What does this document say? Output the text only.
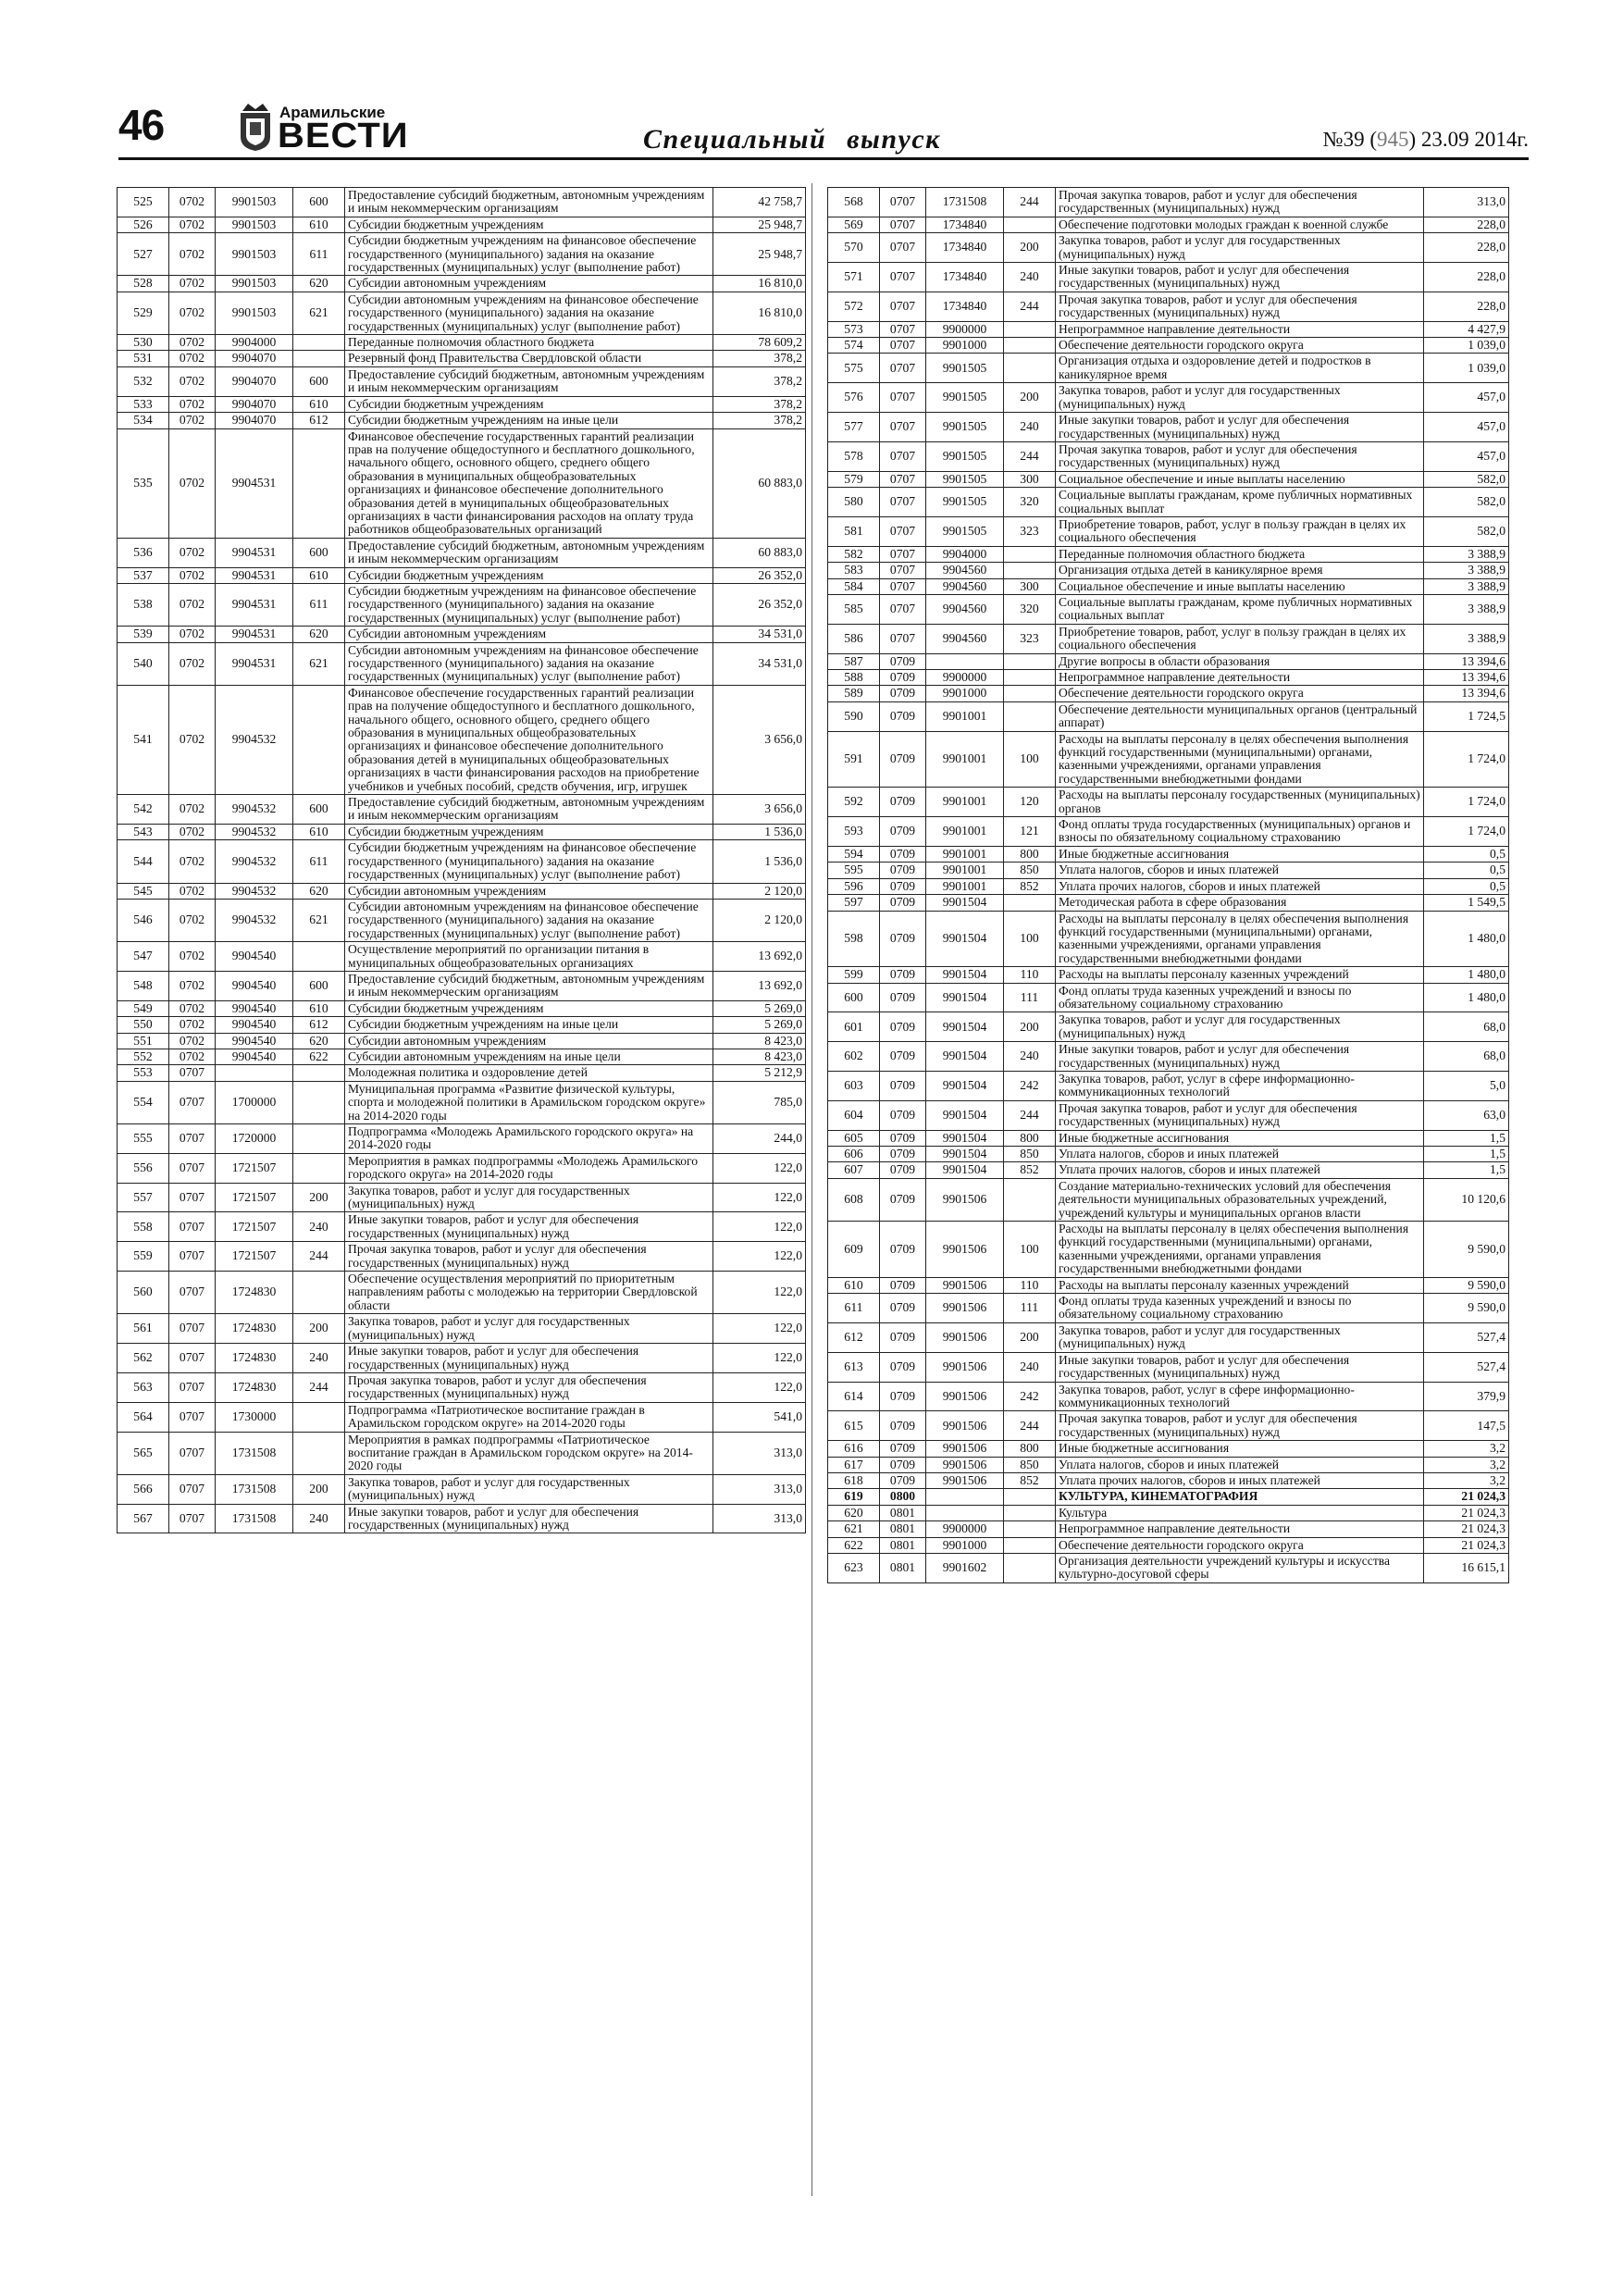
46	Арамильские
ВЕСТИ	Специальный выпуск	№39 (945) 23.09 2014г.
525	0702	9901503	600	Предоставление субсидий бюджетным, автономным учреждениям и иным некоммерческим организациям	42 758,7
526	0702	9901503	610	Субсидии бюджетным учреждениям	25 948,7
527	0702	9901503	611	Субсидии бюджетным учреждениям на финансовое обеспечение государственного (муниципального) задания на оказание государственных (муниципальных) услуг (выполнение работ)	25 948,7
528	0702	9901503	620	Субсидии автономным учреждениям	16 810,0
529	0702	9901503	621	Субсидии автономным учреждениям на финансовое обеспечение государственного (муниципального) задания на оказание государственных (муниципальных) услуг (выполнение работ)	16 810,0
530	0702	9904000		Переданные полномочия областного бюджета	78 609,2
531	0702	9904070		Резервный фонд Правительства Свердловской области	378,2
532	0702	9904070	600	Предоставление субсидий бюджетным, автономным учреждениям и иным некоммерческим организациям	378,2
533	0702	9904070	610	Субсидии бюджетным учреждениям	378,2
534	0702	9904070	612	Субсидии бюджетным учреждениям на иные цели	378,2
535	0702	9904531		Финансовое обеспечение государственных гарантий реализации прав на получение общедоступного и бесплатного дошкольного, начального общего, основного общего, среднего общего образования в муниципальных общеобразовательных организациях и финансовое обеспечение дополнительного образования детей в муниципальных общеобразовательных организациях в части финансирования расходов на оплату труда работников общеобразовательных организаций	60 883,0
536	0702	9904531	600	Предоставление субсидий бюджетным, автономным учреждениям и иным некоммерческим организациям	60 883,0
537	0702	9904531	610	Субсидии бюджетным учреждениям	26 352,0
538	0702	9904531	611	Субсидии бюджетным учреждениям на финансовое обеспечение государственного (муниципального) задания на оказание государственных (муниципальных) услуг (выполнение работ)	26 352,0
539	0702	9904531	620	Субсидии автономным учреждениям	34 531,0
540	0702	9904531	621	Субсидии автономным учреждениям на финансовое обеспечение государственного (муниципального) задания на оказание государственных (муниципальных) услуг (выполнение работ)	34 531,0
541	0702	9904532		Финансовое обеспечение государственных гарантий реализации прав на получение общедоступного и бесплатного дошкольного, начального общего, основного общего, среднего общего образования в муниципальных общеобразовательных организациях и финансовое обеспечение дополнительного образования детей в муниципальных общеобразовательных организациях в части финансирования расходов на приобретение учебников и учебных пособий, средств обучения, игр, игрушек	3 656,0
542	0702	9904532	600	Предоставление субсидий бюджетным, автономным учреждениям и иным некоммерческим организациям	3 656,0
543	0702	9904532	610	Субсидии бюджетным учреждениям	1 536,0
544	0702	9904532	611	Субсидии бюджетным учреждениям на финансовое обеспечение государственного (муниципального) задания на оказание государственных (муниципальных) услуг (выполнение работ)	1 536,0
545	0702	9904532	620	Субсидии автономным учреждениям	2 120,0
546	0702	9904532	621	Субсидии автономным учреждениям на финансовое обеспечение государственного (муниципального) задания на оказание государственных (муниципальных) услуг (выполнение работ)	2 120,0
547	0702	9904540		Осуществление мероприятий по организации питания в муниципальных общеобразовательных организациях	13 692,0
548	0702	9904540	600	Предоставление субсидий бюджетным, автономным учреждениям и иным некоммерческим организациям	13 692,0
549	0702	9904540	610	Субсидии бюджетным учреждениям	5 269,0
550	0702	9904540	612	Субсидии бюджетным учреждениям на иные цели	5 269,0
551	0702	9904540	620	Субсидии автономным учреждениям	8 423,0
552	0702	9904540	622	Субсидии автономным учреждениям на иные цели	8 423,0
553	0707			Молодежная политика и оздоровление детей	5 212,9
554	0707	1700000		Муниципальная программа «Развитие физической культуры, спорта и молодежной политики в Арамильском городском округе» на 2014-2020 годы	785,0
555	0707	1720000		Подпрограмма «Молодежь Арамильского городского округа» на 2014-2020 годы	244,0
556	0707	1721507		Мероприятия в рамках подпрограммы «Молодежь Арамильского городского округа» на 2014-2020 годы	122,0
557	0707	1721507	200	Закупка товаров, работ и услуг для государственных (муниципальных) нужд	122,0
558	0707	1721507	240	Иные закупки товаров, работ и услуг для обеспечения государственных (муниципальных) нужд	122,0
559	0707	1721507	244	Прочая закупка товаров, работ и услуг для обеспечения государственных (муниципальных) нужд	122,0
560	0707	1724830		Обеспечение осуществления мероприятий по приоритетным направлениям работы с молодежью на территории Свердловской области	122,0
561	0707	1724830	200	Закупка товаров, работ и услуг для государственных (муниципальных) нужд	122,0
562	0707	1724830	240	Иные закупки товаров, работ и услуг для обеспечения государственных (муниципальных) нужд	122,0
563	0707	1724830	244	Прочая закупка товаров, работ и услуг для обеспечения государственных (муниципальных) нужд	122,0
564	0707	1730000		Подпрограмма «Патриотическое воспитание граждан в Арамильском городском округе» на 2014-2020 годы	541,0
565	0707	1731508		Мероприятия в рамках подпрограммы «Патриотическое воспитание граждан в Арамильском городском округе» на 2014-2020 годы	313,0
566	0707	1731508	200	Закупка товаров, работ и услуг для государственных (муниципальных) нужд	313,0
567	0707	1731508	240	Иные закупки товаров, работ и услуг для обеспечения государственных (муниципальных) нужд	313,0
568	0707	1731508	244	Прочая закупка товаров, работ и услуг для обеспечения государственных (муниципальных) нужд	313,0
569	0707	1734840		Обеспечение подготовки молодых граждан к военной службе	228,0
570	0707	1734840	200	Закупка товаров, работ и услуг для государственных (муниципальных) нужд	228,0
571	0707	1734840	240	Иные закупки товаров, работ и услуг для обеспечения государственных (муниципальных) нужд	228,0
572	0707	1734840	244	Прочая закупка товаров, работ и услуг для обеспечения государственных (муниципальных) нужд	228,0
573	0707	9900000		Непрограммное направление деятельности	4 427,9
574	0707	9901000		Обеспечение деятельности городского округа	1 039,0
575	0707	9901505		Организация отдыха и оздоровление детей и подростков в каникулярное время	1 039,0
576	0707	9901505	200	Закупка товаров, работ и услуг для государственных (муниципальных) нужд	457,0
577	0707	9901505	240	Иные закупки товаров, работ и услуг для обеспечения государственных (муниципальных) нужд	457,0
578	0707	9901505	244	Прочая закупка товаров, работ и услуг для обеспечения государственных (муниципальных) нужд	457,0
579	0707	9901505	300	Социальное обеспечение и иные выплаты населению	582,0
580	0707	9901505	320	Социальные выплаты гражданам, кроме публичных нормативных социальных выплат	582,0
581	0707	9901505	323	Приобретение товаров, работ, услуг в пользу граждан в целях их социального обеспечения	582,0
582	0707	9904000		Переданные полномочия областного бюджета	3 388,9
583	0707	9904560		Организация отдыха детей в каникулярное время	3 388,9
584	0707	9904560	300	Социальное обеспечение и иные выплаты населению	3 388,9
585	0707	9904560	320	Социальные выплаты гражданам, кроме публичных нормативных социальных выплат	3 388,9
586	0707	9904560	323	Приобретение товаров, работ, услуг в пользу граждан в целях их социального обеспечения	3 388,9
587	0709			Другие вопросы в области образования	13 394,6
588	0709	9900000		Непрограммное направление деятельности	13 394,6
589	0709	9901000		Обеспечение деятельности городского округа	13 394,6
590	0709	9901001		Обеспечение деятельности муниципальных органов (центральный аппарат)	1 724,5
591	0709	9901001	100	Расходы на выплаты персоналу в целях обеспечения выполнения функций государственными (муниципальными) органами, казенными учреждениями, органами управления государственными внебюджетными фондами	1 724,0
592	0709	9901001	120	Расходы на выплаты персоналу государственных (муниципальных) органов	1 724,0
593	0709	9901001	121	Фонд оплаты труда государственных (муниципальных) органов и взносы по обязательному социальному страхованию	1 724,0
594	0709	9901001	800	Иные бюджетные ассигнования	0,5
595	0709	9901001	850	Уплата налогов, сборов и иных платежей	0,5
596	0709	9901001	852	Уплата прочих налогов, сборов и иных платежей	0,5
597	0709	9901504		Методическая работа в сфере образования	1 549,5
598	0709	9901504	100	Расходы на выплаты персоналу в целях обеспечения выполнения функций государственными (муниципальными) органами, казенными учреждениями, органами управления государственными внебюджетными фондами	1 480,0
599	0709	9901504	110	Расходы на выплаты персоналу казенных учреждений	1 480,0
600	0709	9901504	111	Фонд оплаты труда казенных учреждений и взносы по обязательному социальному страхованию	1 480,0
601	0709	9901504	200	Закупка товаров, работ и услуг для государственных (муниципальных) нужд	68,0
602	0709	9901504	240	Иные закупки товаров, работ и услуг для обеспечения государственных (муниципальных) нужд	68,0
603	0709	9901504	242	Закупка товаров, работ, услуг в сфере информационно-коммуникационных технологий	5,0
604	0709	9901504	244	Прочая закупка товаров, работ и услуг для обеспечения государственных (муниципальных) нужд	63,0
605	0709	9901504	800	Иные бюджетные ассигнования	1,5
606	0709	9901504	850	Уплата налогов, сборов и иных платежей	1,5
607	0709	9901504	852	Уплата прочих налогов, сборов и иных платежей	1,5
608	0709	9901506		Создание материально-технических условий для обеспечения деятельности муниципальных образовательных учреждений, учреждений культуры и муниципальных органов власти	10 120,6
609	0709	9901506	100	Расходы на выплаты персоналу в целях обеспечения выполнения функций государственными (муниципальными) органами, казенными учреждениями, органами управления государственными внебюджетными фондами	9 590,0
610	0709	9901506	110	Расходы на выплаты персоналу казенных учреждений	9 590,0
611	0709	9901506	111	Фонд оплаты труда казенных учреждений и взносы по обязательному социальному страхованию	9 590,0
612	0709	9901506	200	Закупка товаров, работ и услуг для государственных (муниципальных) нужд	527,4
613	0709	9901506	240	Иные закупки товаров, работ и услуг для обеспечения государственных (муниципальных) нужд	527,4
614	0709	9901506	242	Закупка товаров, работ, услуг в сфере информационно-коммуникационных технологий	379,9
615	0709	9901506	244	Прочая закупка товаров, работ и услуг для обеспечения государственных (муниципальных) нужд	147,5
616	0709	9901506	800	Иные бюджетные ассигнования	3,2
617	0709	9901506	850	Уплата налогов, сборов и иных платежей	3,2
618	0709	9901506	852	Уплата прочих налогов, сборов и иных платежей	3,2
619	0800			КУЛЬТУРА, КИНЕМАТОГРАФИЯ	21 024,3
620	0801			Культура	21 024,3
621	0801	9900000		Непрограммное направление деятельности	21 024,3
622	0801	9901000		Обеспечение деятельности городского округа	21 024,3
623	0801	9901602		Организация деятельности учреждений культуры и искусства культурно-досуговой сферы	16 615,1
